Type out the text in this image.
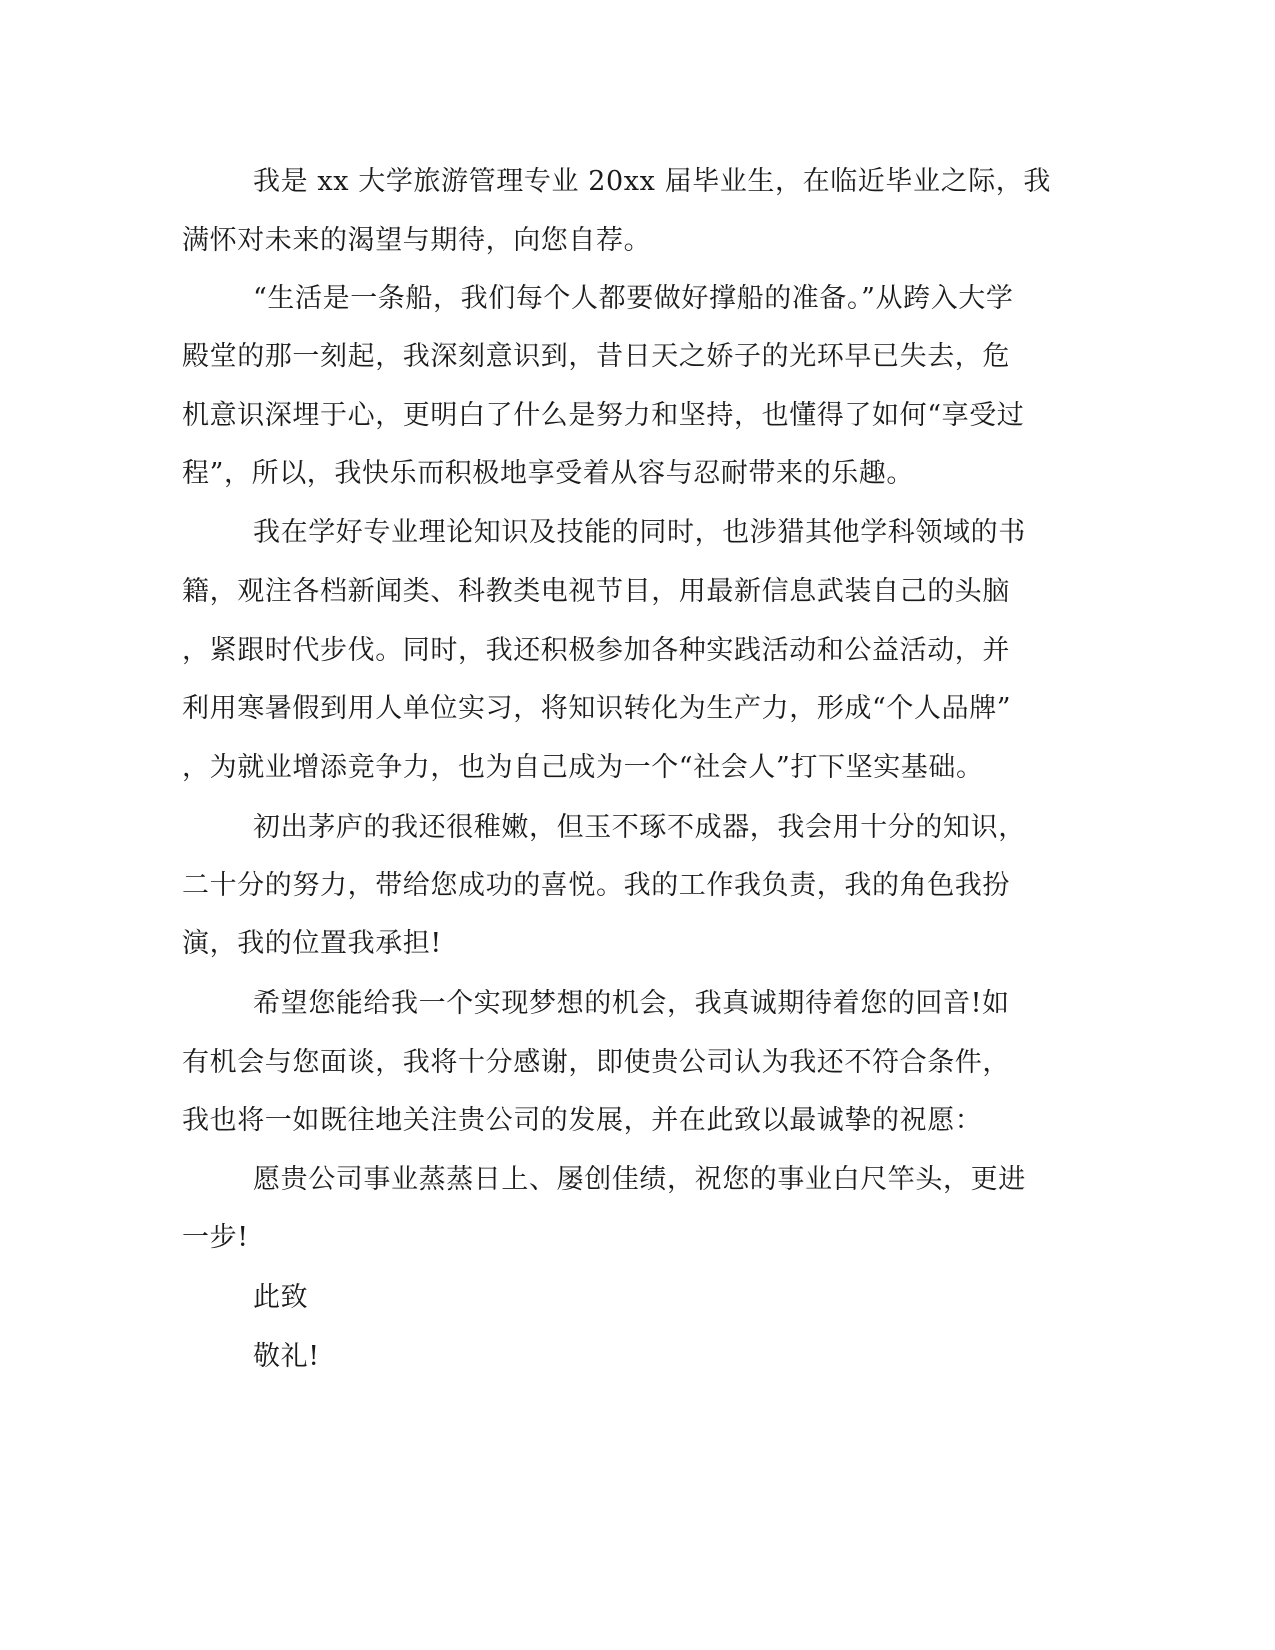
我是 xx 大学旅游管理专业 20xx 届毕业生，在临近毕业之际，我
满怀对未来的渴望与期待，向您自荐。
“生活是一条船，我们每个人都要做好撑船的准备。”从跨入大学
殿堂的那一刻起，我深刻意识到，昔日天之娇子的光环早已失去，危
机意识深埋于心，更明白了什么是努力和坚持，也懂得了如何“享受过
程”，所以，我快乐而积极地享受着从容与忍耐带来的乐趣。
我在学好专业理论知识及技能的同时，也涉猎其他学科领域的书
籍，观注各档新闻类、科教类电视节目，用最新信息武装自己的头脑
，紧跟时代步伐。同时，我还积极参加各种实践活动和公益活动，并
利用寒暑假到用人单位实习，将知识转化为生产力，形成“个人品牌”
，为就业增添竞争力，也为自己成为一个“社会人”打下坚实基础。
初出茅庐的我还很稚嫩，但玉不琢不成器，我会用十分的知识，
二十分的努力，带给您成功的喜悦。我的工作我负责，我的角色我扮
演，我的位置我承担!
希望您能给我一个实现梦想的机会，我真诚期待着您的回音!如
有机会与您面谈，我将十分感谢，即使贵公司认为我还不符合条件，
我也将一如既往地关注贵公司的发展，并在此致以最诚挚的祝愿：
愿贵公司事业蒸蒸日上、屡创佳绩，祝您的事业白尺竿头，更进
一步!
此致
敬礼!
